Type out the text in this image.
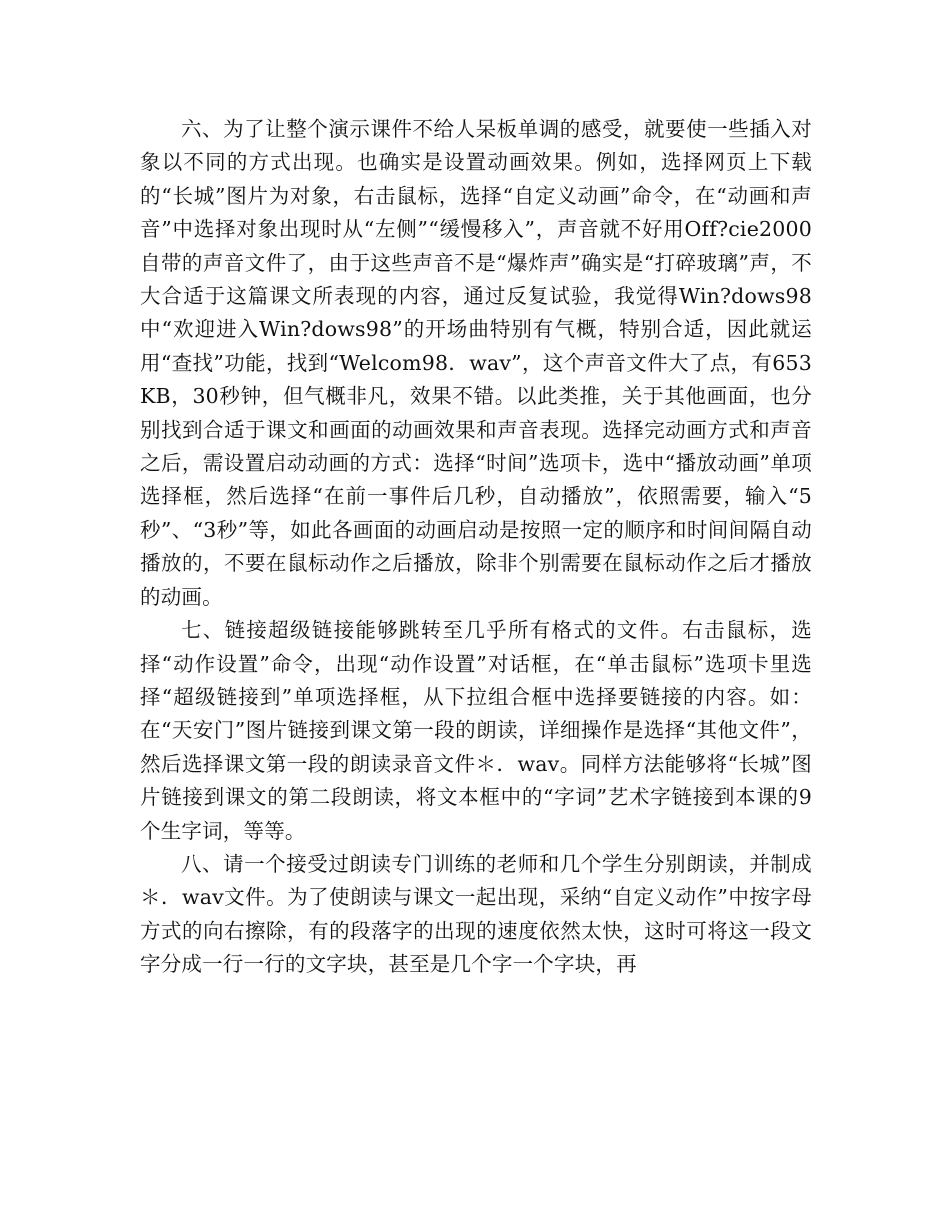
六、为了让整个演示课件不给人呆板单调的感受，就要使一些插入对象以不同的方式出现。也确实是设置动画效果。例如，选择网页上下载的“长城”图片为对象，右击鼠标，选择“自定义动画”命令，在“动画和声音”中选择对象出现时从“左侧”“缓慢移入”，声音就不好用Off?cie2000自带的声音文件了，由于这些声音不是“爆炸声”确实是“打碎玻璃”声，不大合适于这篇课文所表现的内容，通过反复试验，我觉得Win?dows98中“欢迎进入Win?dows98”的开场曲特别有气概，特别合适，因此就运用“查找”功能，找到“Welcom98．wav”，这个声音文件大了点，有653KB，30秒钟，但气概非凡，效果不错。以此类推，关于其他画面，也分别找到合适于课文和画面的动画效果和声音表现。选择完动画方式和声音之后，需设置启动动画的方式：选择“时间”选项卡，选中“播放动画”单项选择框，然后选择“在前一事件后几秒，自动播放”，依照需要，输入“5秒”、“3秒”等，如此各画面的动画启动是按照一定的顺序和时间间隔自动播放的，不要在鼠标动作之后播放，除非个别需要在鼠标动作之后才播放的动画。

七、链接超级链接能够跳转至几乎所有格式的文件。右击鼠标，选择“动作设置”命令，出现“动作设置”对话框，在“单击鼠标”选项卡里选择“超级链接到”单项选择框，从下拉组合框中选择要链接的内容。如：在“天安门”图片链接到课文第一段的朗读，详细操作是选择“其他文件”，然后选择课文第一段的朗读录音文件＊．wav。同样方法能够将“长城”图片链接到课文的第二段朗读，将文本框中的“字词”艺术字链接到本课的9个生字词，等等。

八、请一个接受过朗读专门训练的老师和几个学生分别朗读，并制成＊．wav文件。为了使朗读与课文一起出现，采纳“自定义动作”中按字母方式的向右擦除，有的段落字的出现的速度依然太快，这时可将这一段文字分成一行一行的文字块，甚至是几个字一个字块，再
